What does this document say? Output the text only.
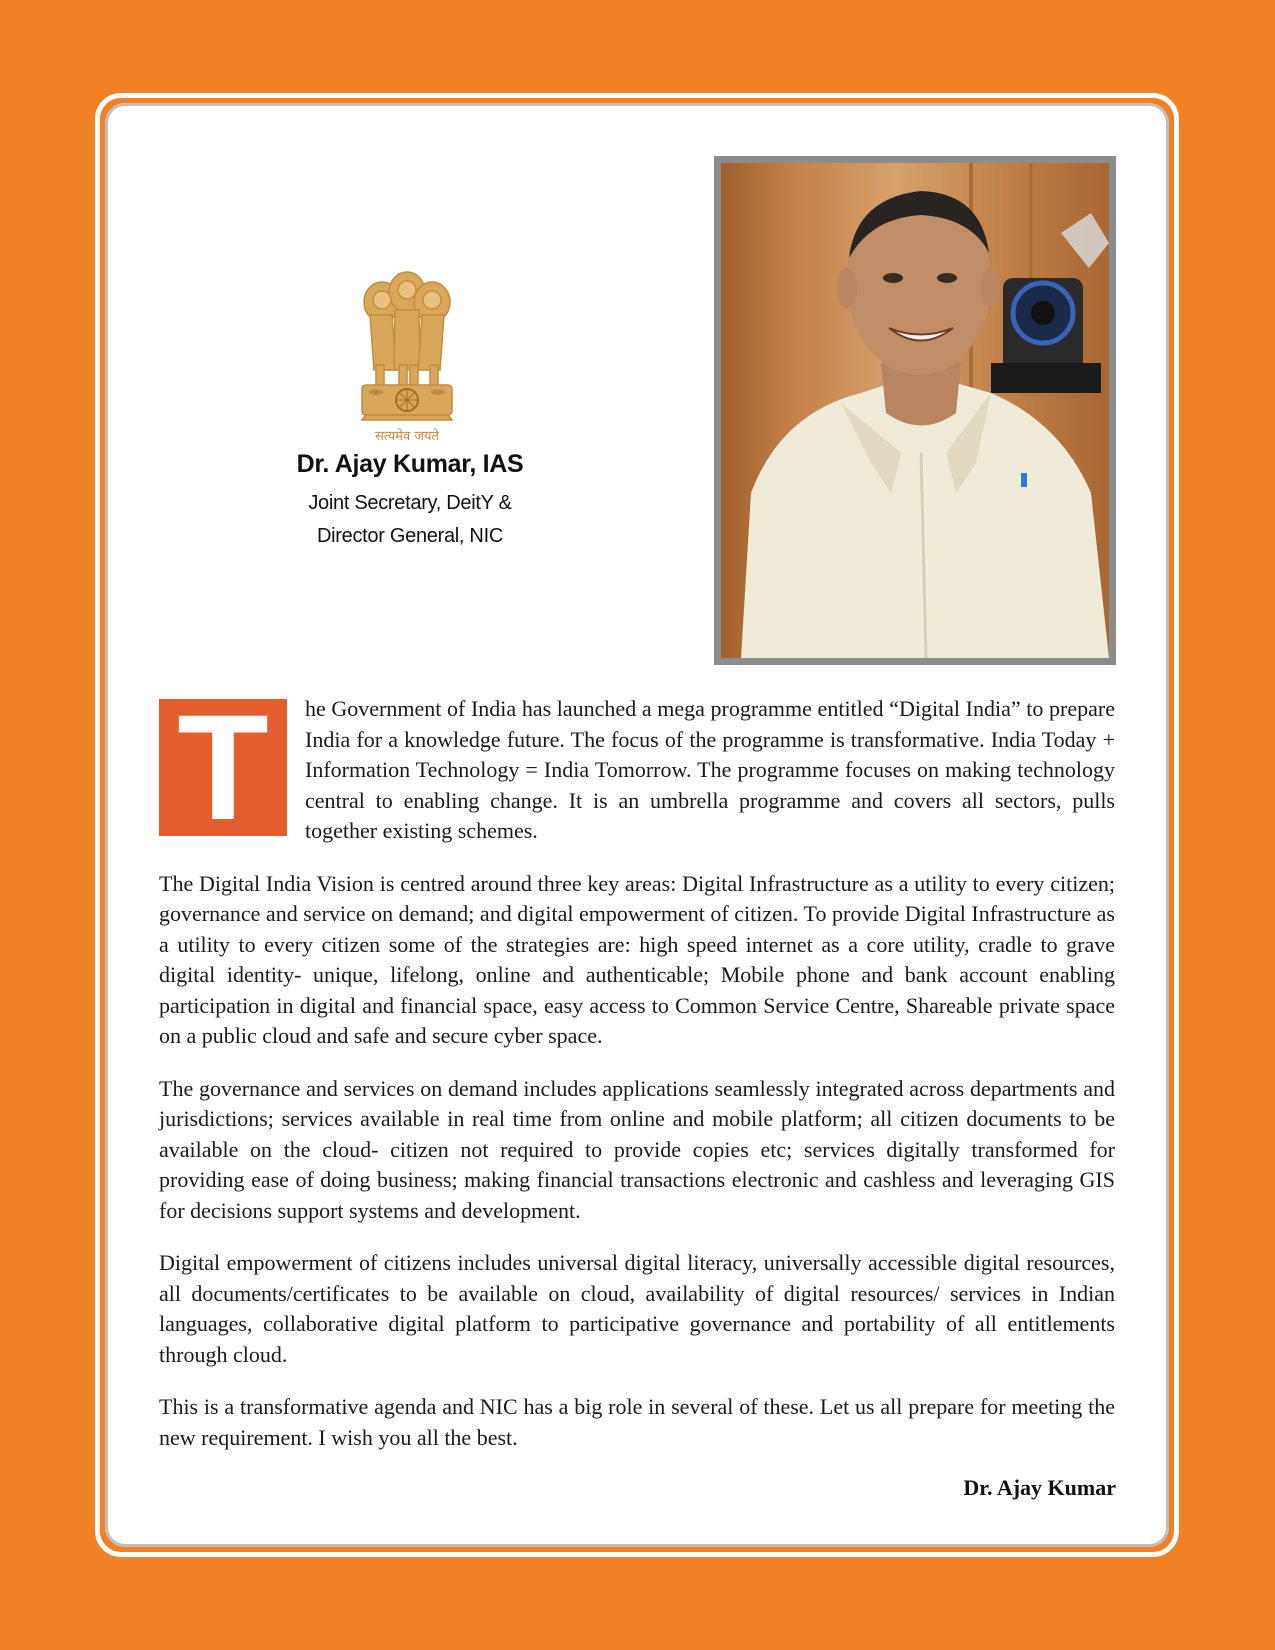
सत्यमेव जयते
Dr. Ajay Kumar, IAS
Joint Secretary, DeitY &
Director General, NIC
T	he Government of India has launched a mega programme entitled “Digital India” to prepare India for a knowledge future. The focus of the programme is transformative. India Today + Information Technology = India Tomorrow. The programme focuses on making technology central to enabling change. It is an umbrella programme and covers all sectors, pulls together existing schemes.

The Digital India Vision is centred around three key areas: Digital Infrastructure as a utility to every citizen; governance and service on demand; and digital empowerment of citizen. To provide Digital Infrastructure as a utility to every citizen some of the strategies are: high speed internet as a core utility, cradle to grave digital identity- unique, lifelong, online and authenticable; Mobile phone and bank account enabling participation in digital and financial space, easy access to Common Service Centre, Shareable private space on a public cloud and safe and secure cyber space.

The governance and services on demand includes applications seamlessly integrated across departments and jurisdictions; services available in real time from online and mobile platform; all citizen documents to be available on the cloud- citizen not required to provide copies etc; services digitally transformed for providing ease of doing business; making financial transactions electronic and cashless and leveraging GIS for decisions support systems and development.

Digital empowerment of citizens includes universal digital literacy, universally accessible digital resources, all documents/certificates to be available on cloud, availability of digital resources/ services in Indian languages, collaborative digital platform to participative governance and portability of all entitlements through cloud.

This is a transformative agenda and NIC has a big role in several of these. Let us all prepare for meeting the new requirement. I wish you all the best.

Dr. Ajay Kumar
